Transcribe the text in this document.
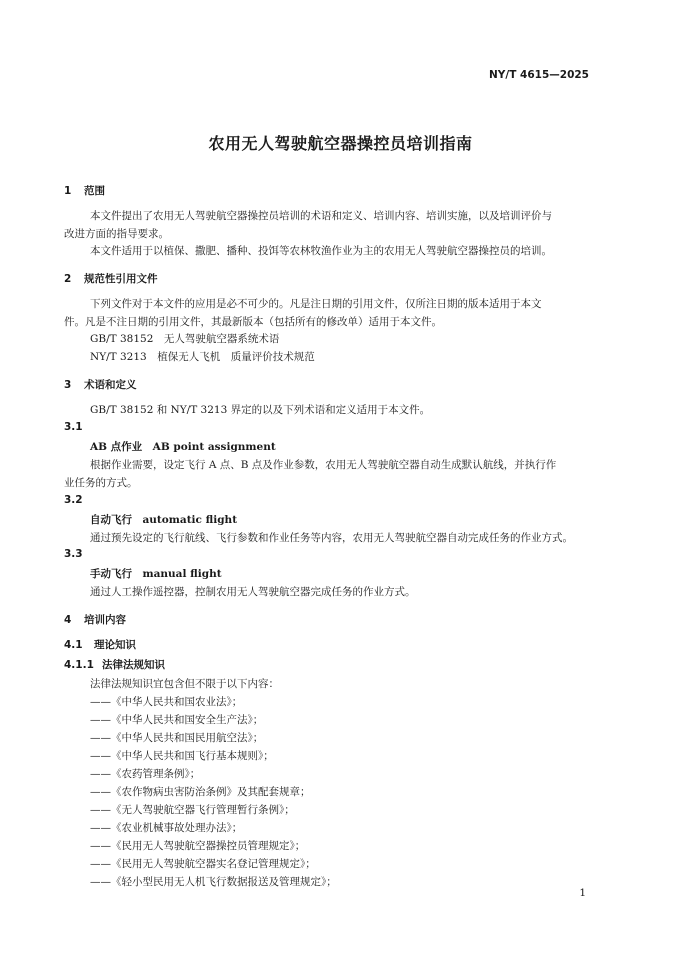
NY/T 4615—2025
农用无人驾驶航空器操控员培训指南
1 范围
本文件提出了农用无人驾驶航空器操控员培训的术语和定义、培训内容、培训实施，以及培训评价与
改进方面的指导要求。
本文件适用于以植保、撒肥、播种、投饵等农林牧渔作业为主的农用无人驾驶航空器操控员的培训。
2 规范性引用文件
下列文件对于本文件的应用是必不可少的。凡是注日期的引用文件，仅所注日期的版本适用于本文
件。凡是不注日期的引用文件，其最新版本（包括所有的修改单）适用于本文件。
GB/T 38152　无人驾驶航空器系统术语
NY/T 3213　植保无人飞机　质量评价技术规范
3 术语和定义
GB/T 38152 和 NY/T 3213 界定的以及下列术语和定义适用于本文件。
3.1
AB 点作业　AB point assignment
根据作业需要，设定飞行 A 点、B 点及作业参数，农用无人驾驶航空器自动生成默认航线，并执行作
业任务的方式。
3.2
自动飞行　automatic flight
通过预先设定的飞行航线、飞行参数和作业任务等内容，农用无人驾驶航空器自动完成任务的作业方式。
3.3
手动飞行　manual flight
通过人工操作遥控器，控制农用无人驾驶航空器完成任务的作业方式。
4 培训内容
4.1 理论知识
4.1.1 法律法规知识
法律法规知识宜包含但不限于以下内容：
——《中华人民共和国农业法》；
——《中华人民共和国安全生产法》；
——《中华人民共和国民用航空法》；
——《中华人民共和国飞行基本规则》；
——《农药管理条例》；
——《农作物病虫害防治条例》及其配套规章；
——《无人驾驶航空器飞行管理暂行条例》；
——《农业机械事故处理办法》；
——《民用无人驾驶航空器操控员管理规定》；
——《民用无人驾驶航空器实名登记管理规定》；
——《轻小型民用无人机飞行数据报送及管理规定》；
1
